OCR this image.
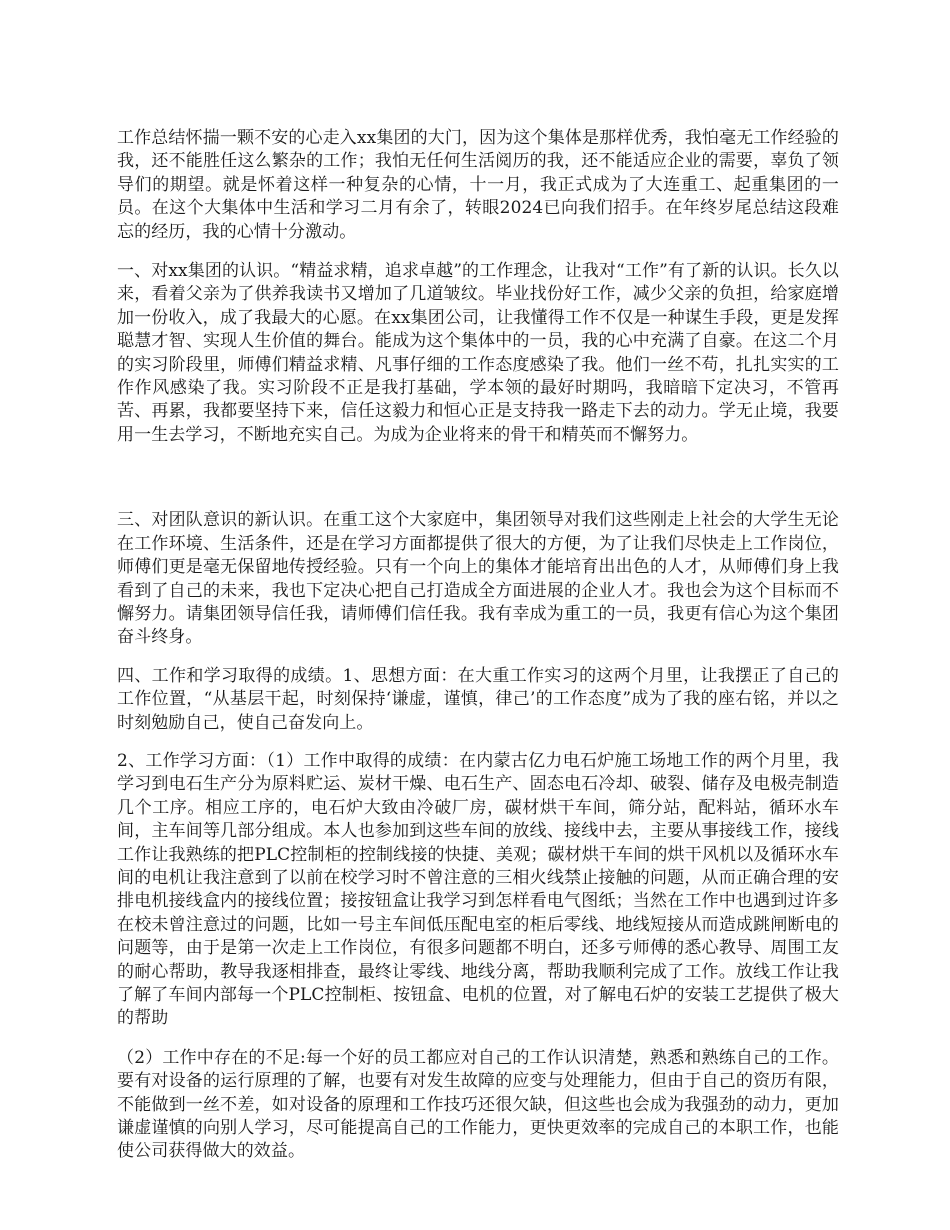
工作总结怀揣一颗不安的心走入xx集团的大门，因为这个集体是那样优秀，我怕毫无工作经验的我，还不能胜任这么繁杂的工作；我怕无任何生活阅历的我，还不能适应企业的需要，辜负了领导们的期望。就是怀着这样一种复杂的心情，十一月，我正式成为了大连重工、起重集团的一员。在这个大集体中生活和学习二月有余了，转眼2024已向我们招手。在年终岁尾总结这段难忘的经历，我的心情十分激动。

一、对xx集团的认识。“精益求精，追求卓越”的工作理念，让我对“工作”有了新的认识。长久以来，看着父亲为了供养我读书又增加了几道皱纹。毕业找份好工作，减少父亲的负担，给家庭增加一份收入，成了我最大的心愿。在xx集团公司，让我懂得工作不仅是一种谋生手段，更是发挥聪慧才智、实现人生价值的舞台。能成为这个集体中的一员，我的心中充满了自豪。在这二个月的实习阶段里，师傅们精益求精、凡事仔细的工作态度感染了我。他们一丝不苟，扎扎实实的工作作风感染了我。实习阶段不正是我打基础，学本领的最好时期吗，我暗暗下定决习，不管再苦、再累，我都要坚持下来，信任这毅力和恒心正是支持我一路走下去的动力。学无止境，我要用一生去学习，不断地充实自己。为成为企业将来的骨干和精英而不懈努力。

三、对团队意识的新认识。在重工这个大家庭中，集团领导对我们这些刚走上社会的大学生无论在工作环境、生活条件，还是在学习方面都提供了很大的方便，为了让我们尽快走上工作岗位，师傅们更是毫无保留地传授经验。只有一个向上的集体才能培育出出色的人才，从师傅们身上我看到了自己的未来，我也下定决心把自己打造成全方面进展的企业人才。我也会为这个目标而不懈努力。请集团领导信任我，请师傅们信任我。我有幸成为重工的一员，我更有信心为这个集团奋斗终身。

四、工作和学习取得的成绩。1、思想方面：在大重工作实习的这两个月里，让我摆正了自己的工作位置，“从基层干起，时刻保持‘谦虚，谨慎，律己’的工作态度”成为了我的座右铭，并以之时刻勉励自己，使自己奋发向上。

2、工作学习方面：（1）工作中取得的成绩：在内蒙古亿力电石炉施工场地工作的两个月里，我学习到电石生产分为原料贮运、炭材干燥、电石生产、固态电石冷却、破裂、储存及电极壳制造几个工序。相应工序的，电石炉大致由冷破厂房，碳材烘干车间，筛分站，配料站，循环水车间，主车间等几部分组成。本人也参加到这些车间的放线、接线中去，主要从事接线工作，接线工作让我熟练的把PLC控制柜的控制线接的快捷、美观；碳材烘干车间的烘干风机以及循环水车间的电机让我注意到了以前在校学习时不曾注意的三相火线禁止接触的问题，从而正确合理的安排电机接线盒内的接线位置；接按钮盒让我学习到怎样看电气图纸；当然在工作中也遇到过许多在校未曾注意过的问题，比如一号主车间低压配电室的柜后零线、地线短接从而造成跳闸断电的问题等，由于是第一次走上工作岗位，有很多问题都不明白，还多亏师傅的悉心教导、周围工友的耐心帮助，教导我逐相排查，最终让零线、地线分离，帮助我顺利完成了工作。放线工作让我了解了车间内部每一个PLC控制柜、按钮盒、电机的位置，对了解电石炉的安装工艺提供了极大的帮助

（2）工作中存在的不足:每一个好的员工都应对自己的工作认识清楚，熟悉和熟练自己的工作。要有对设备的运行原理的了解，也要有对发生故障的应变与处理能力，但由于自己的资历有限，不能做到一丝不差，如对设备的原理和工作技巧还很欠缺，但这些也会成为我强劲的动力，更加谦虚谨慎的向别人学习，尽可能提高自己的工作能力，更快更效率的完成自己的本职工作，也能使公司获得做大的效益。
